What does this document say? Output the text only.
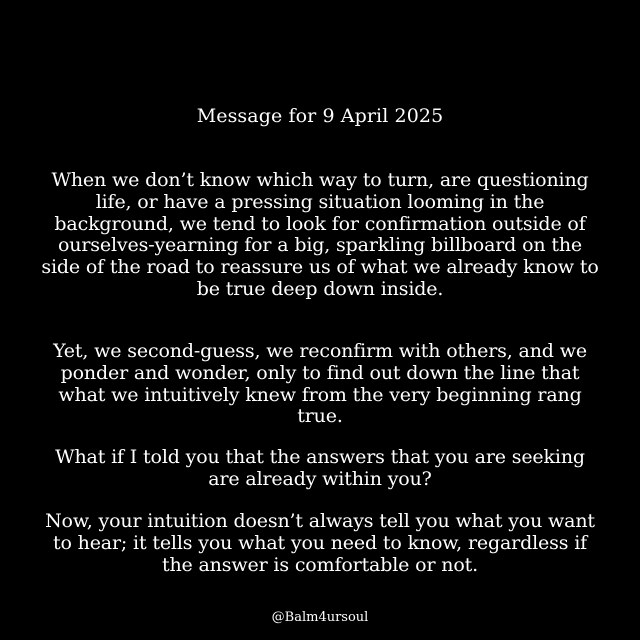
Message for 9 April 2025
When we don’t know which way to turn, are questioning life, or have a pressing situation looming in the background, we tend to look for confirmation outside of ourselves-yearning for a big, sparkling billboard on the side of the road to reassure us of what we already know to be true deep down inside.
Yet, we second-guess, we reconfirm with others, and we ponder and wonder, only to find out down the line that what we intuitively knew from the very beginning rang true.
What if I told you that the answers that you are seeking are already within you?
Now, your intuition doesn’t always tell you what you want to hear; it tells you what you need to know, regardless if the answer is comfortable or not.
@Balm4ursoul
